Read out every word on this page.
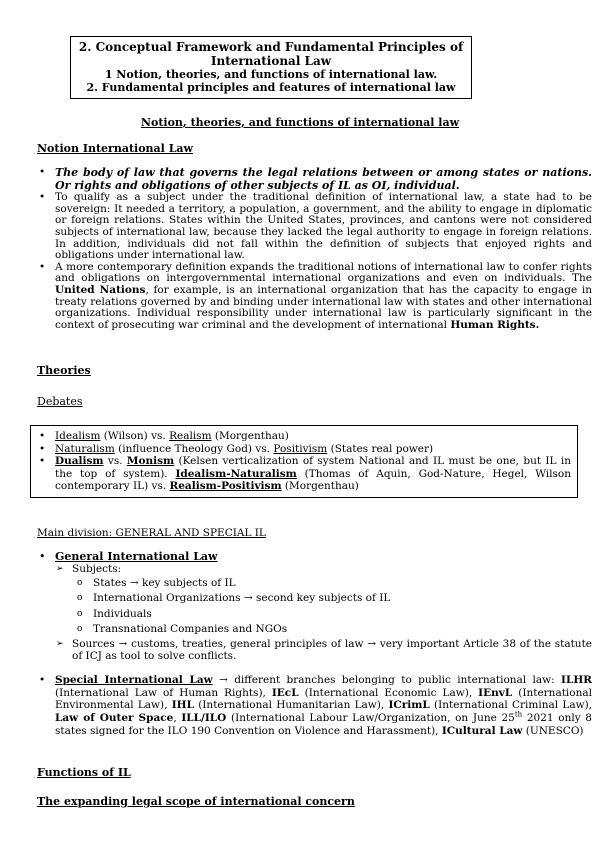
2. Conceptual Framework and Fundamental Principles of International Law
1 Notion, theories, and functions of international law.
2. Fundamental principles and features of international law
Notion, theories, and functions of international law
Notion International Law
• The body of law that governs the legal relations between or among states or nations. Or rights and obligations of other subjects of IL as OI, individual.
• To qualify as a subject under the traditional definition of international law, a state had to be sovereign: It needed a territory, a population, a government, and the ability to engage in diplomatic or foreign relations. States within the United States, provinces, and cantons were not considered subjects of international law, because they lacked the legal authority to engage in foreign relations. In addition, individuals did not fall within the definition of subjects that enjoyed rights and obligations under international law.
• A more contemporary definition expands the traditional notions of international law to confer rights and obligations on intergovernmental international organizations and even on individuals. The United Nations, for example, is an international organization that has the capacity to engage in treaty relations governed by and binding under international law with states and other international organizations. Individual responsibility under international law is particularly significant in the context of prosecuting war criminal and the development of international Human Rights.
Theories
Debates
• Idealism (Wilson) vs. Realism (Morgenthau)
• Naturalism (influence Theology God) vs. Positivism (States real power)
• Dualism vs. Monism (Kelsen verticalization of system National and IL must be one, but IL in the top of system). Idealism-Naturalism (Thomas of Aquin, God-Nature, Hegel, Wilson contemporary IL) vs. Realism-Positivism (Morgenthau)
Main division: GENERAL AND SPECIAL IL
• General International Law
➢ Subjects:
o States → key subjects of IL
o International Organizations → second key subjects of IL
o Individuals
o Transnational Companies and NGOs
➢ Sources → customs, treaties, general principles of law → very important Article 38 of the statute of ICJ as tool to solve conflicts.
• Special International Law → different branches belonging to public international law: ILHR (International Law of Human Rights), IEcL (International Economic Law), IEnvL (International Environmental Law), IHL (International Humanitarian Law), ICrimL (International Criminal Law), Law of Outer Space, ILL/ILO (International Labour Law/Organization, on June 25th 2021 only 8 states signed for the ILO 190 Convention on Violence and Harassment), ICultural Law (UNESCO)
Functions of IL
The expanding legal scope of international concern
